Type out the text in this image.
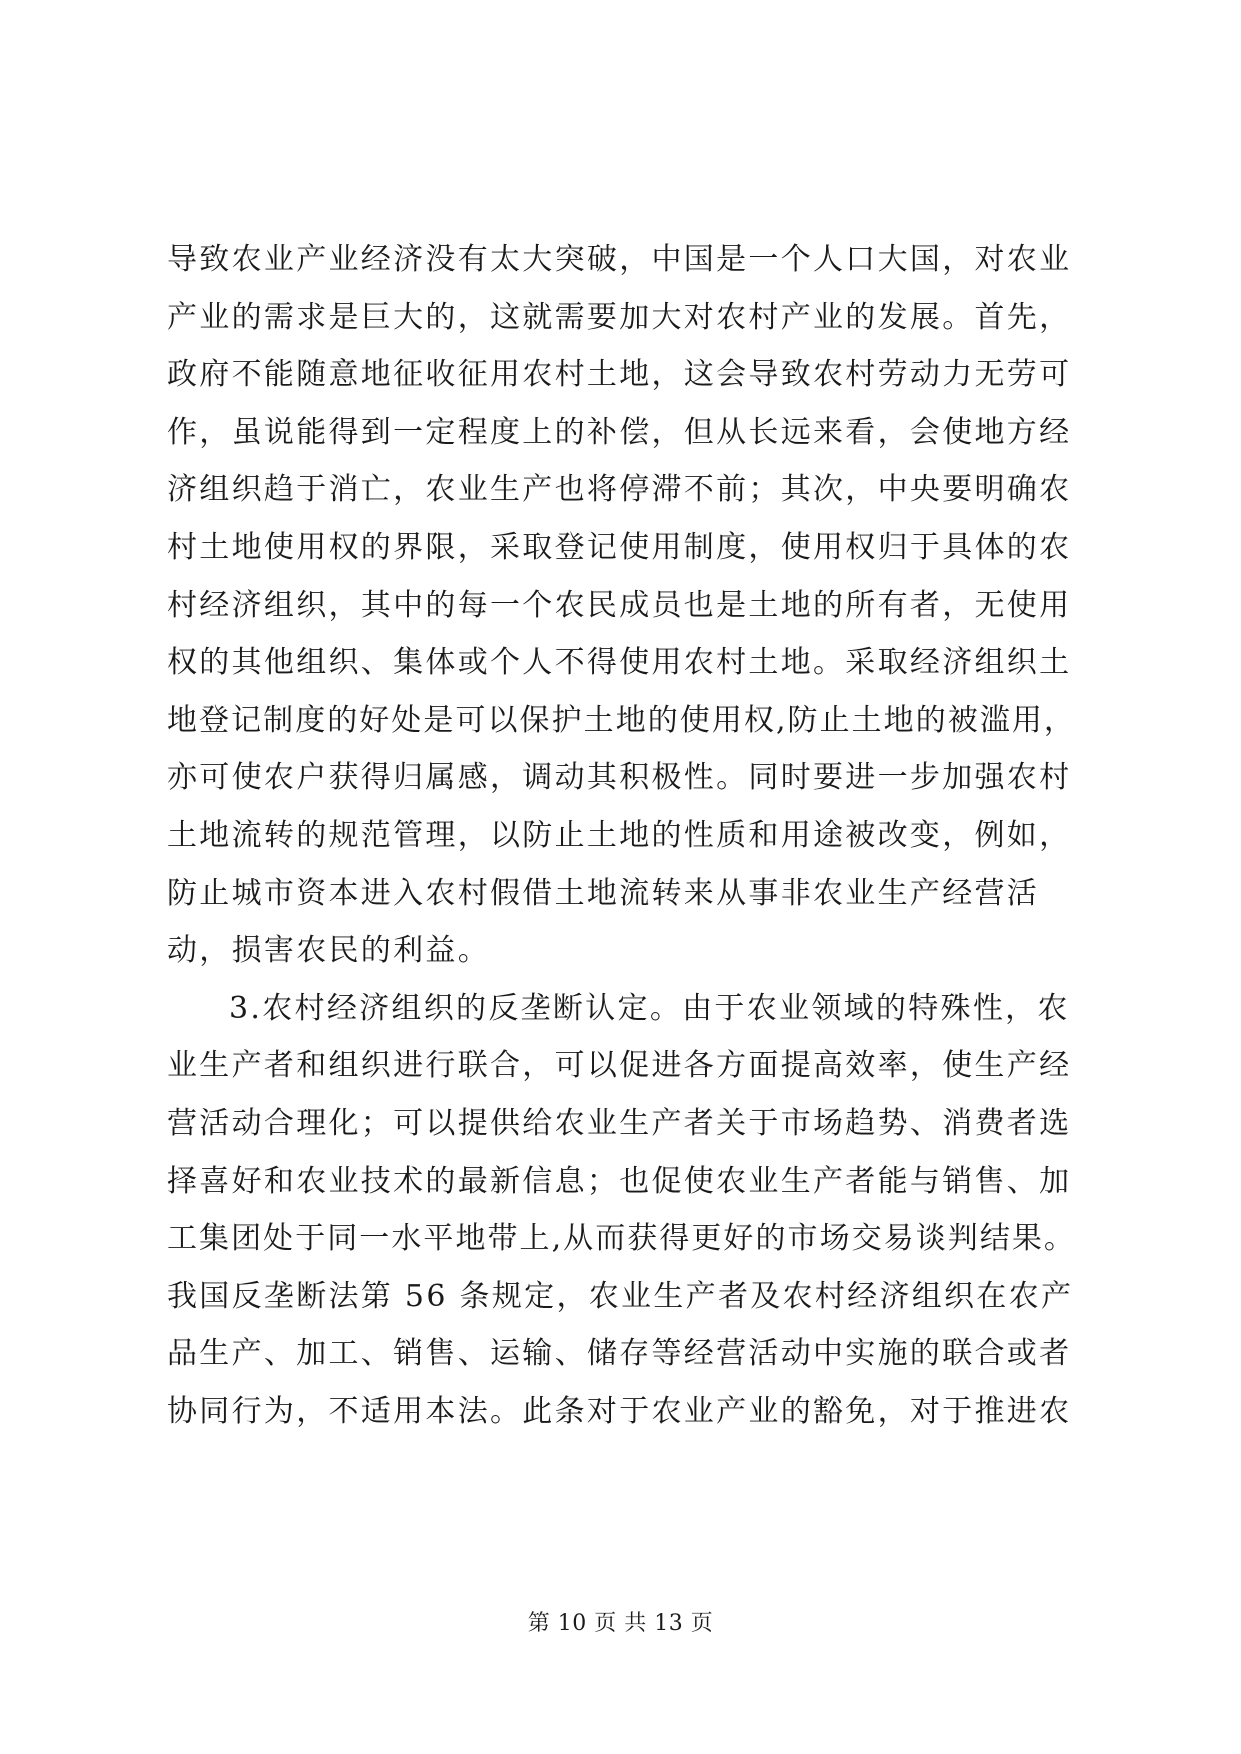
导致农业产业经济没有太大突破，中国是一个人口大国，对农业
产业的需求是巨大的，这就需要加大对农村产业的发展。首先，
政府不能随意地征收征用农村土地，这会导致农村劳动力无劳可
作，虽说能得到一定程度上的补偿，但从长远来看，会使地方经
济组织趋于消亡，农业生产也将停滞不前；其次，中央要明确农
村土地使用权的界限，采取登记使用制度，使用权归于具体的农
村经济组织，其中的每一个农民成员也是土地的所有者，无使用
权的其他组织、集体或个人不得使用农村土地。采取经济组织土
地登记制度的好处是可以保护土地的使用权,防止土地的被滥用，
亦可使农户获得归属感，调动其积极性。同时要进一步加强农村
土地流转的规范管理，以防止土地的性质和用途被改变，例如，
防止城市资本进入农村假借土地流转来从事非农业生产经营活
动，损害农民的利益。
3.农村经济组织的反垄断认定。由于农业领域的特殊性，农
业生产者和组织进行联合，可以促进各方面提高效率，使生产经
营活动合理化；可以提供给农业生产者关于市场趋势、消费者选
择喜好和农业技术的最新信息；也促使农业生产者能与销售、加
工集团处于同一水平地带上,从而获得更好的市场交易谈判结果。
我国反垄断法第 56 条规定，农业生产者及农村经济组织在农产
品生产、加工、销售、运输、储存等经营活动中实施的联合或者
协同行为，不适用本法。此条对于农业产业的豁免，对于推进农
第 10 页 共 13 页
